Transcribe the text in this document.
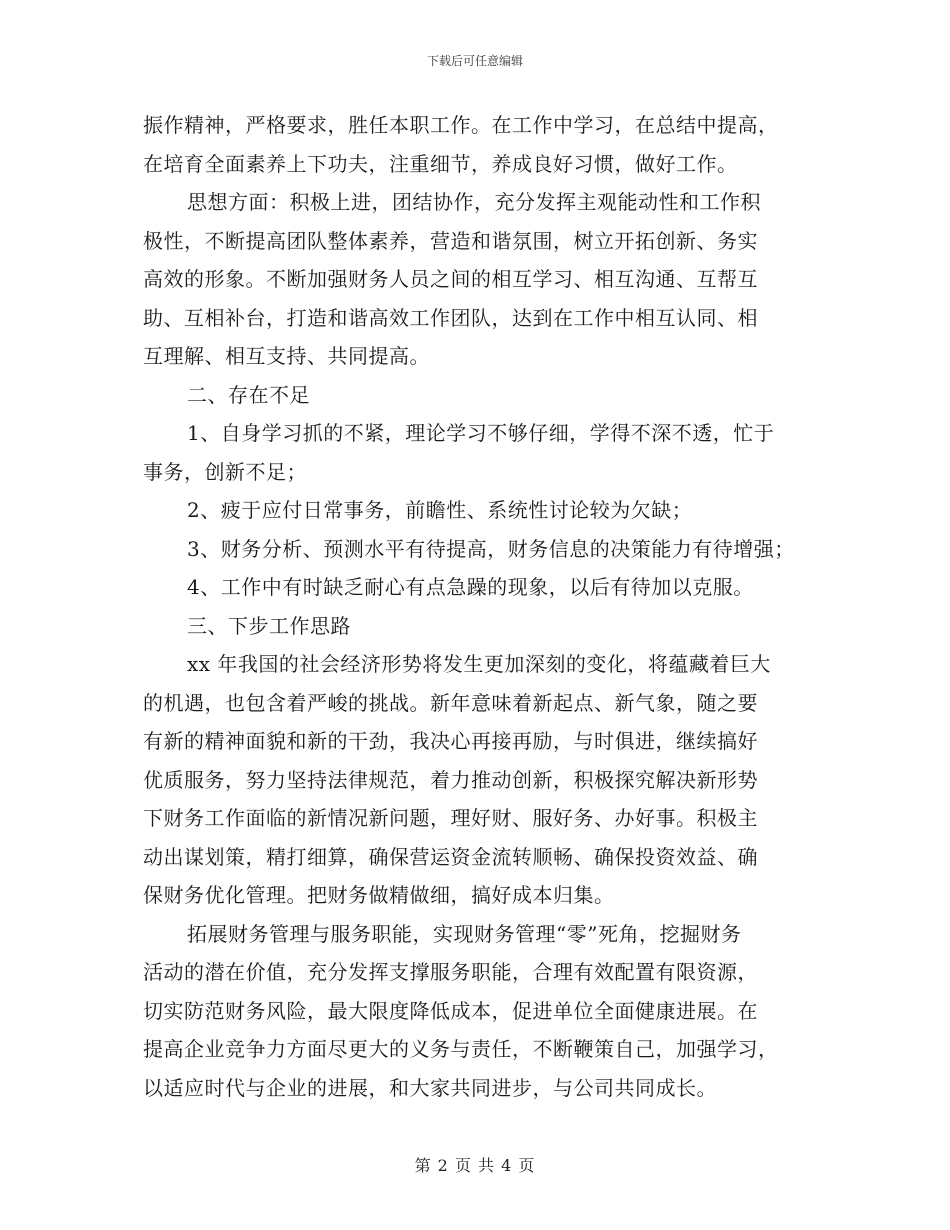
下载后可任意编辑
振作精神，严格要求，胜任本职工作。在工作中学习，在总结中提高，
在培育全面素养上下功夫，注重细节，养成良好习惯，做好工作。
思想方面：积极上进，团结协作，充分发挥主观能动性和工作积
极性，不断提高团队整体素养，营造和谐氛围，树立开拓创新、务实
高效的形象。不断加强财务人员之间的相互学习、相互沟通、互帮互
助、互相补台，打造和谐高效工作团队，达到在工作中相互认同、相
互理解、相互支持、共同提高。
二、存在不足
1、自身学习抓的不紧，理论学习不够仔细，学得不深不透，忙于
事务，创新不足；
2、疲于应付日常事务，前瞻性、系统性讨论较为欠缺；
3、财务分析、预测水平有待提高，财务信息的决策能力有待增强；
4、工作中有时缺乏耐心有点急躁的现象，以后有待加以克服。
三、下步工作思路
xx 年我国的社会经济形势将发生更加深刻的变化，将蕴藏着巨大
的机遇，也包含着严峻的挑战。新年意味着新起点、新气象，随之要
有新的精神面貌和新的干劲，我决心再接再励，与时俱进，继续搞好
优质服务，努力坚持法律规范，着力推动创新，积极探究解决新形势
下财务工作面临的新情况新问题，理好财、服好务、办好事。积极主
动出谋划策，精打细算，确保营运资金流转顺畅、确保投资效益、确
保财务优化管理。把财务做精做细，搞好成本归集。
拓展财务管理与服务职能，实现财务管理“零”死角，挖掘财务
活动的潜在价值，充分发挥支撑服务职能，合理有效配置有限资源，
切实防范财务风险，最大限度降低成本，促进单位全面健康进展。在
提高企业竞争力方面尽更大的义务与责任，不断鞭策自己，加强学习，
以适应时代与企业的进展，和大家共同进步，与公司共同成长。
第 2 页 共 4 页
